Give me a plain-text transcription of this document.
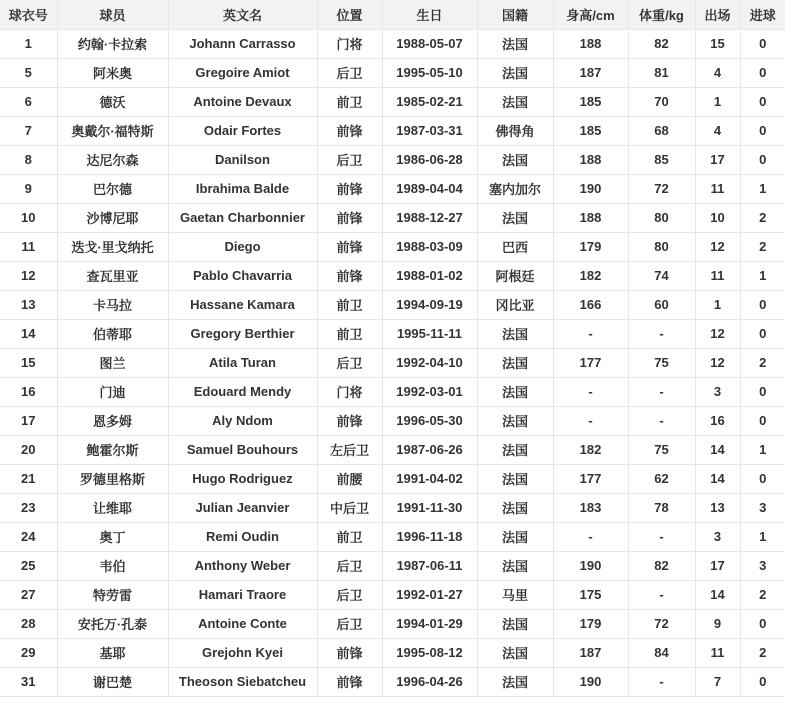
球衣号	球员	英文名	位置	生日	国籍	身高/cm	体重/kg	出场	进球
1	约翰·卡拉索	Johann Carrasso	门将	1988-05-07	法国	188	82	15	0
5	阿米奥	Gregoire Amiot	后卫	1995-05-10	法国	187	81	4	0
6	德沃	Antoine Devaux	前卫	1985-02-21	法国	185	70	1	0
7	奥戴尔·福特斯	Odair Fortes	前锋	1987-03-31	佛得角	185	68	4	0
8	达尼尔森	Danilson	后卫	1986-06-28	法国	188	85	17	0
9	巴尔德	Ibrahima Balde	前锋	1989-04-04	塞内加尔	190	72	11	1
10	沙博尼耶	Gaetan Charbonnier	前锋	1988-12-27	法国	188	80	10	2
11	迭戈·里戈纳托	Diego	前锋	1988-03-09	巴西	179	80	12	2
12	查瓦里亚	Pablo Chavarria	前锋	1988-01-02	阿根廷	182	74	11	1
13	卡马拉	Hassane Kamara	前卫	1994-09-19	冈比亚	166	60	1	0
14	伯蒂耶	Gregory Berthier	前卫	1995-11-11	法国	-	-	12	0
15	图兰	Atila Turan	后卫	1992-04-10	法国	177	75	12	2
16	门迪	Edouard Mendy	门将	1992-03-01	法国	-	-	3	0
17	恩多姆	Aly Ndom	前锋	1996-05-30	法国	-	-	16	0
20	鲍霍尔斯	Samuel Bouhours	左后卫	1987-06-26	法国	182	75	14	1
21	罗德里格斯	Hugo Rodriguez	前腰	1991-04-02	法国	177	62	14	0
23	让维耶	Julian Jeanvier	中后卫	1991-11-30	法国	183	78	13	3
24	奥丁	Remi Oudin	前卫	1996-11-18	法国	-	-	3	1
25	韦伯	Anthony Weber	后卫	1987-06-11	法国	190	82	17	3
27	特劳雷	Hamari Traore	后卫	1992-01-27	马里	175	-	14	2
28	安托万·孔泰	Antoine Conte	后卫	1994-01-29	法国	179	72	9	0
29	基耶	Grejohn Kyei	前锋	1995-08-12	法国	187	84	11	2
31	谢巴楚	Theoson Siebatcheu	前锋	1996-04-26	法国	190	-	7	0
